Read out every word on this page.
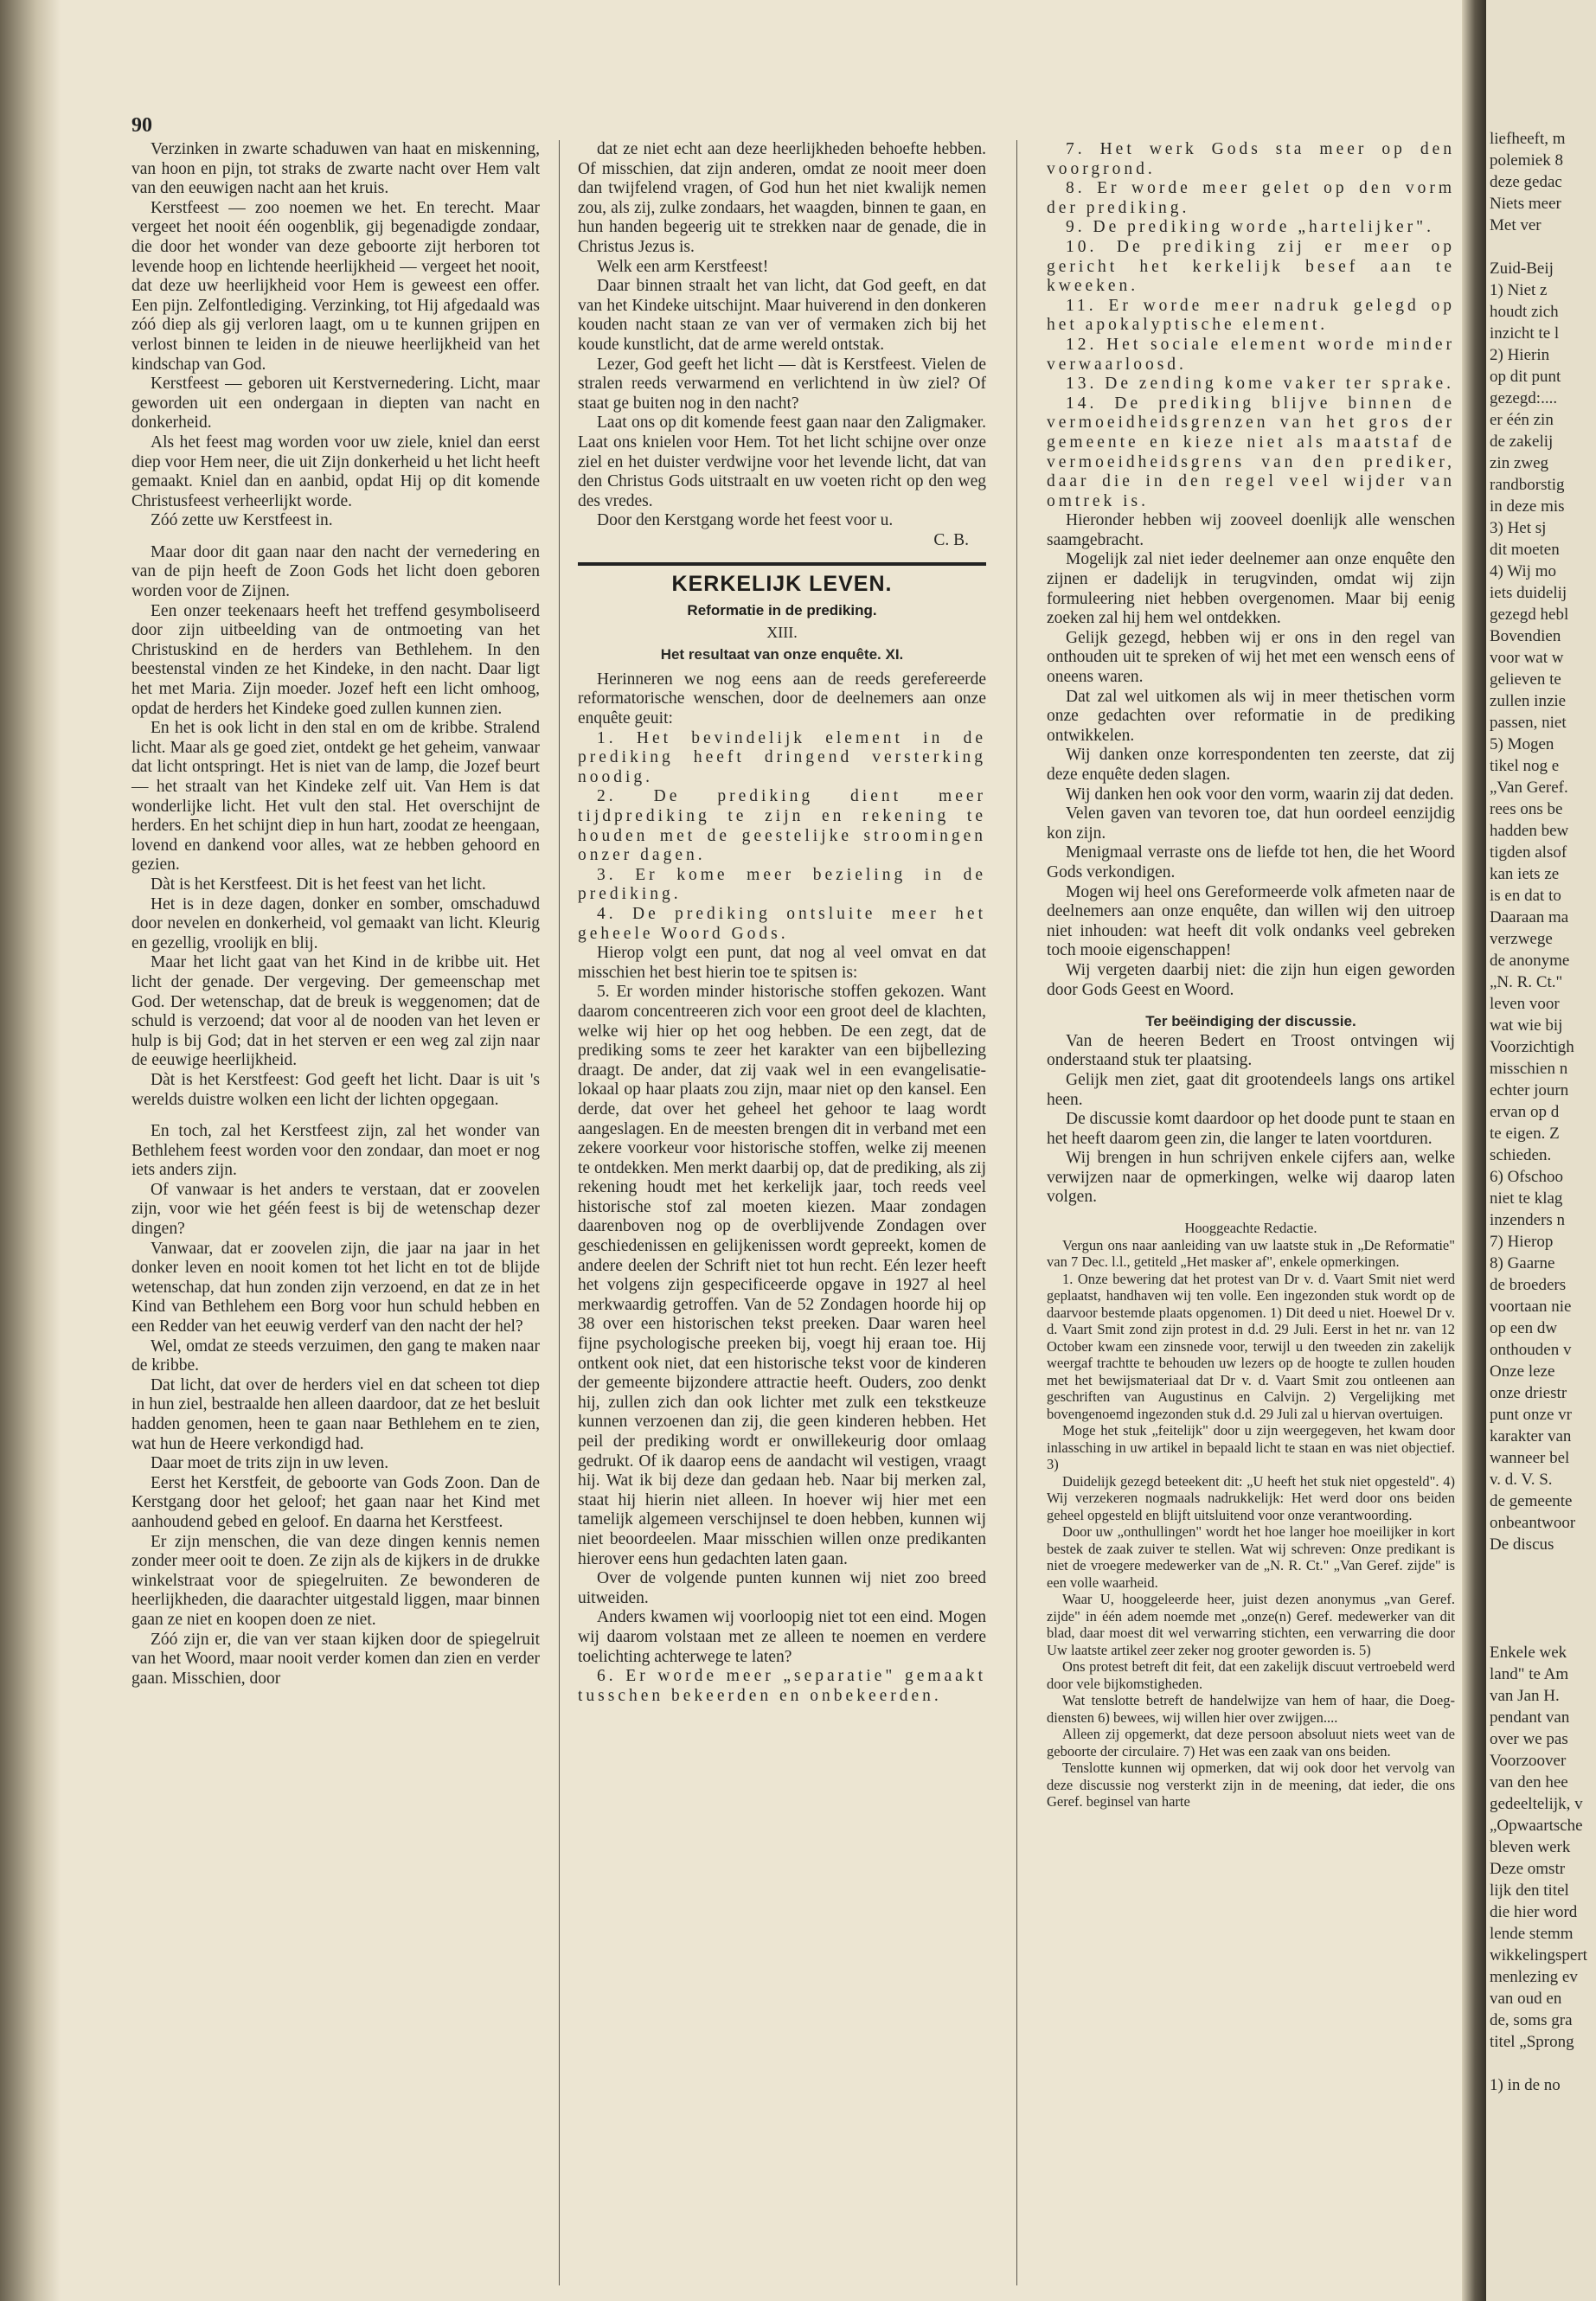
90

Verzinken in zwarte schaduwen van haat en miskenning, van hoon en pijn, tot straks de zwarte nacht over Hem valt van den eeuwigen nacht aan het kruis.

Kerstfeest — zoo noemen we het. En terecht. Maar vergeet het nooit één oogenblik, gij begenadigde zondaar, die door het wonder van deze geboorte zijt herboren tot levende hoop en lichtende heerlijkheid — vergeet het nooit, dat deze uw heerlijkheid voor Hem is geweest een offer. Een pijn. Zelfontlediging. Verzinking, tot Hij afgedaald was zóó diep als gij verloren laagt, om u te kunnen grijpen en verlost binnen te leiden in de nieuwe heerlijkheid van het kindschap van God.

Kerstfeest — geboren uit Kerstvernedering. Licht, maar geworden uit een ondergaan in diepten van nacht en donkerheid.

Als het feest mag worden voor uw ziele, kniel dan eerst diep voor Hem neer, die uit Zijn donkerheid u het licht heeft gemaakt. Kniel dan en aanbid, opdat Hij op dit komende Christusfeest verheerlijkt worde.

Zóó zette uw Kerstfeest in.

Maar door dit gaan naar den nacht der vernedering en van de pijn heeft de Zoon Gods het licht doen geboren worden voor de Zijnen.

Een onzer teekenaars heeft het treffend gesymboliseerd door zijn uitbeelding van de ontmoeting van het Christuskind en de herders van Bethlehem. In den beestenstal vinden ze het Kindeke, in den nacht. Daar ligt het met Maria. Zijn moeder. Jozef heft een licht omhoog, opdat de herders het Kindeke goed zullen kunnen zien.

En het is ook licht in den stal en om de kribbe. Stralend licht. Maar als ge goed ziet, ontdekt ge het geheim, vanwaar dat licht ontspringt. Het is niet van de lamp, die Jozef beurt — het straalt van het Kindeke zelf uit. Van Hem is dat wonderlijke licht. Het vult den stal. Het overschijnt de herders. En het schijnt diep in hun hart, zoodat ze heengaan, lovend en dankend voor alles, wat ze hebben gehoord en gezien.

Dàt is het Kerstfeest. Dit is het feest van het licht.

Het is in deze dagen, donker en somber, omschaduwd door nevelen en donkerheid, vol gemaakt van licht. Kleurig en gezellig, vroolijk en blij.

Maar het licht gaat van het Kind in de kribbe uit. Het licht der genade. Der vergeving. Der gemeenschap met God. Der wetenschap, dat de breuk is weggenomen; dat de schuld is verzoend; dat voor al de nooden van het leven er hulp is bij God; dat in het sterven er een weg zal zijn naar de eeuwige heerlijkheid.

Dàt is het Kerstfeest: God geeft het licht. Daar is uit 's werelds duistre wolken een licht der lichten opgegaan.

En toch, zal het Kerstfeest zijn, zal het wonder van Bethlehem feest worden voor den zondaar, dan moet er nog iets anders zijn.

Of vanwaar is het anders te verstaan, dat er zoovelen zijn, voor wie het géén feest is bij de wetenschap dezer dingen?

Vanwaar, dat er zoovelen zijn, die jaar na jaar in het donker leven en nooit komen tot het licht en tot de blijde wetenschap, dat hun zonden zijn verzoend, en dat ze in het Kind van Bethlehem een Borg voor hun schuld hebben en een Redder van het eeuwig verderf van den nacht der hel?

Wel, omdat ze steeds verzuimen, den gang te maken naar de kribbe.

Dat licht, dat over de herders viel en dat scheen tot diep in hun ziel, bestraalde hen alleen daardoor, dat ze het besluit hadden genomen, heen te gaan naar Bethlehem en te zien, wat hun de Heere verkondigd had.

Daar moet de trits zijn in uw leven.

Eerst het Kerstfeit, de geboorte van Gods Zoon. Dan de Kerstgang door het geloof; het gaan naar het Kind met aanhoudend gebed en geloof. En daarna het Kerstfeest.

Er zijn menschen, die van deze dingen kennis nemen zonder meer ooit te doen. Ze zijn als de kijkers in de drukke winkelstraat voor de spiegelruiten. Ze bewonderen de heerlijkheden, die daarachter uitgestald liggen, maar binnen gaan ze niet en koopen doen ze niet.

Zóó zijn er, die van ver staan kijken door de spiegelruit van het Woord, maar nooit verder komen dan zien en verder gaan. Misschien, door

dat ze niet echt aan deze heerlijkheden behoefte hebben. Of misschien, dat zijn anderen, omdat ze nooit meer doen dan twijfelend vragen, of God hun het niet kwalijk nemen zou, als zij, zulke zondaars, het waagden, binnen te gaan, en hun handen begeerig uit te strekken naar de genade, die in Christus Jezus is.

Welk een arm Kerstfeest!

Daar binnen straalt het van licht, dat God geeft, en dat van het Kindeke uitschijnt. Maar huiverend in den donkeren kouden nacht staan ze van ver of vermaken zich bij het koude kunstlicht, dat de arme wereld ontstak.

Lezer, God geeft het licht — dàt is Kerstfeest. Vielen de stralen reeds verwarmend en verlichtend in ùw ziel? Of staat ge buiten nog in den nacht?

Laat ons op dit komende feest gaan naar den Zaligmaker. Laat ons knielen voor Hem. Tot het licht schijne over onze ziel en het duister verdwijne voor het levende licht, dat van den Christus Gods uitstraalt en uw voeten richt op den weg des vredes.

Door den Kerstgang worde het feest voor u.

C. B.

KERKELIJK LEVEN.
Reformatie in de prediking.
XIII.
Het resultaat van onze enquête. XI.

Herinneren we nog eens aan de reeds gerefereerde reformatorische wenschen, door de deelnemers aan onze enquête geuit:

1. Het bevindelijk element in de prediking heeft dringend versterking noodig.

2. De prediking dient meer tijdprediking te zijn en rekening te houden met de geestelijke stroomingen onzer dagen.

3. Er kome meer bezieling in de prediking.

4. De prediking ontsluite meer het geheele Woord Gods.

Hierop volgt een punt, dat nog al veel omvat en dat misschien het best hierin toe te spitsen is:

5. Er worden minder historische stoffen gekozen. Want daarom concentreeren zich voor een groot deel de klachten, welke wij hier op het oog hebben. De een zegt, dat de prediking soms te zeer het karakter van een bijbellezing draagt. De ander, dat zij vaak wel in een evangelisatie-lokaal op haar plaats zou zijn, maar niet op den kansel. Een derde, dat over het geheel het gehoor te laag wordt aangeslagen. En de meesten brengen dit in verband met een zekere voorkeur voor historische stoffen, welke zij meenen te ontdekken. Men merkt daarbij op, dat de prediking, als zij rekening houdt met het kerkelijk jaar, toch reeds veel historische stof zal moeten kiezen. Maar zondagen daarenboven nog op de overblijvende Zondagen over geschiedenissen en gelijkenissen wordt gepreekt, komen de andere deelen der Schrift niet tot hun recht. Eén lezer heeft het volgens zijn gespecificeerde opgave in 1927 al heel merkwaardig getroffen. Van de 52 Zondagen hoorde hij op 38 over een historischen tekst preeken. Daar waren heel fijne psychologische preeken bij, voegt hij eraan toe. Hij ontkent ook niet, dat een historische tekst voor de kinderen der gemeente bijzondere attractie heeft. Ouders, zoo denkt hij, zullen zich dan ook lichter met zulk een tekstkeuze kunnen verzoenen dan zij, die geen kinderen hebben. Het peil der prediking wordt er onwillekeurig door omlaag gedrukt. Of ik daarop eens de aandacht wil vestigen, vraagt hij. Wat ik bij deze dan gedaan heb. Naar bij merken zal, staat hij hierin niet alleen. In hoever wij hier met een tamelijk algemeen verschijnsel te doen hebben, kunnen wij niet beoordeelen. Maar misschien willen onze predikanten hierover eens hun gedachten laten gaan.

Over de volgende punten kunnen wij niet zoo breed uitweiden.

Anders kwamen wij voorloopig niet tot een eind. Mogen wij daarom volstaan met ze alleen te noemen en verdere toelichting achterwege te laten?

6. Er worde meer „separatie" gemaakt tusschen bekeerden en onbekeerden.

7. Het werk Gods sta meer op den voorgrond.

8. Er worde meer gelet op den vorm der prediking.

9. De prediking worde „hartelijker".

10. De prediking zij er meer op gericht het kerkelijk besef aan te kweeken.

11. Er worde meer nadruk gelegd op het apokalyptische element.

12. Het sociale element worde minder verwaarloosd.

13. De zending kome vaker ter sprake.

14. De prediking blijve binnen de vermoeidheidsgrenzen van het gros der gemeente en kieze niet als maatstaf de vermoeidheidsgrens van den prediker, daar die in den regel veel wijder van omtrek is.

Hieronder hebben wij zooveel doenlijk alle wenschen saamgebracht.

Mogelijk zal niet ieder deelnemer aan onze enquête den zijnen er dadelijk in terugvinden, omdat wij zijn formuleering niet hebben overgenomen. Maar bij eenig zoeken zal hij hem wel ontdekken.

Gelijk gezegd, hebben wij er ons in den regel van onthouden uit te spreken of wij het met een wensch eens of oneens waren.

Dat zal wel uitkomen als wij in meer thetischen vorm onze gedachten over reformatie in de prediking ontwikkelen.

Wij danken onze korrespondenten ten zeerste, dat zij deze enquête deden slagen.

Wij danken hen ook voor den vorm, waarin zij dat deden.

Velen gaven van tevoren toe, dat hun oordeel eenzijdig kon zijn.

Menigmaal verraste ons de liefde tot hen, die het Woord Gods verkondigen.

Mogen wij heel ons Gereformeerde volk afmeten naar de deelnemers aan onze enquête, dan willen wij den uitroep niet inhouden: wat heeft dit volk ondanks veel gebreken toch mooie eigenschappen!

Wij vergeten daarbij niet: die zijn hun eigen geworden door Gods Geest en Woord.

Ter beëindiging der discussie.

Van de heeren Bedert en Troost ontvingen wij onderstaand stuk ter plaatsing.

Gelijk men ziet, gaat dit grootendeels langs ons artikel heen.

De discussie komt daardoor op het doode punt te staan en het heeft daarom geen zin, die langer te laten voortduren.

Wij brengen in hun schrijven enkele cijfers aan, welke verwijzen naar de opmerkingen, welke wij daarop laten volgen.

Hooggeachte Redactie.

Vergun ons naar aanleiding van uw laatste stuk in „De Reformatie" van 7 Dec. l.l., getiteld „Het masker af", enkele opmerkingen.

1. Onze bewering dat het protest van Dr v. d. Vaart Smit niet werd geplaatst, handhaven wij ten volle. Een ingezonden stuk wordt op de daarvoor bestemde plaats opgenomen. 1) Dit deed u niet. Hoewel Dr v. d. Vaart Smit zond zijn protest in d.d. 29 Juli. Eerst in het nr. van 12 October kwam een zinsnede voor, terwijl u den tweeden zin zakelijk weergaf trachtte te behouden uw lezers op de hoogte te zullen houden met het bewijsmateriaal dat Dr v. d. Vaart Smit zou ontleenen aan geschriften van Augustinus en Calvijn. 2) Vergelijking met bovengenoemd ingezonden stuk d.d. 29 Juli zal u hiervan overtuigen.

Moge het stuk „feitelijk" door u zijn weergegeven, het kwam door inlassching in uw artikel in bepaald licht te staan en was niet objectief. 3)

Duidelijk gezegd beteekent dit: „U heeft het stuk niet opgesteld". 4) Wij verzekeren nogmaals nadrukkelijk: Het werd door ons beiden geheel opgesteld en blijft uitsluitend voor onze verantwoording.

Door uw „onthullingen" wordt het hoe langer hoe moeilijker in kort bestek de zaak zuiver te stellen. Wat wij schreven: Onze predikant is niet de vroegere medewerker van de „N. R. Ct." „Van Geref. zijde" is een volle waarheid.

Waar U, hooggeleerde heer, juist dezen anonymus „van Geref. zijde" in één adem noemde met „onze(n) Geref. medewerker van dit blad, daar moest dit wel verwarring stichten, een verwarring die door Uw laatste artikel zeer zeker nog grooter geworden is. 5)

Ons protest betreft dit feit, dat een zakelijk discuut vertroebeld werd door vele bijkomstigheden.

Wat tenslotte betreft de handelwijze van hem of haar, die Doeg-diensten 6) bewees, wij willen hier over zwijgen....

Alleen zij opgemerkt, dat deze persoon absoluut niets weet van de geboorte der circulaire. 7) Het was een zaak van ons beiden.

Tenslotte kunnen wij opmerken, dat wij ook door het vervolg van deze discussie nog versterkt zijn in de meening, dat ieder, die ons Geref. beginsel van harte

liefheeft, m
polemiek 8
deze gedac
Niets meer
Met ver
Zuid-Beij
1) Niet z
houdt zich
inzicht te l
2) Hierin
op dit punt
gezegd:....
er één zin
de zakelij
zin zweg
randborstig
in deze mis
3) Het sj
dit moeten
4) Wij mo
iets duidelij
gezegd hebl
Bovendien
voor wat w
gelieven te
zullen inzie
passen, niet
5) Mogen
tikel nog e
„Van Geref.
rees ons be
hadden bew
tigden alsof
kan iets ze
is en dat to
Daaraan ma
verzwege
de anonyme
„N. R. Ct."
leven voor
wat wie bij
Voorzichtigh
misschien n
echter journ
ervan op d
te eigen. Z
schieden.
6) Ofschoo
niet te klag
inzenders n
7) Hierop
8) Gaarne
de broeders
voortaan nie
op een dw
onthouden v
Onze leze
onze driestr
punt onze vr
karakter van
wanneer bel
v. d. V. S.
de gemeente
onbeantwoor
De discus
Enkele wek
land" te Am
van Jan H.
pendant van
over we pas
Voorzoover
van den hee
gedeeltelijk, v
„Opwaartsche
bleven werk
Deze omstr
lijk den titel
die hier word
lende stemm
wikkelingspert
menlezing ev
van oud en
de, soms gra
titel „Sprong
1) in de no
